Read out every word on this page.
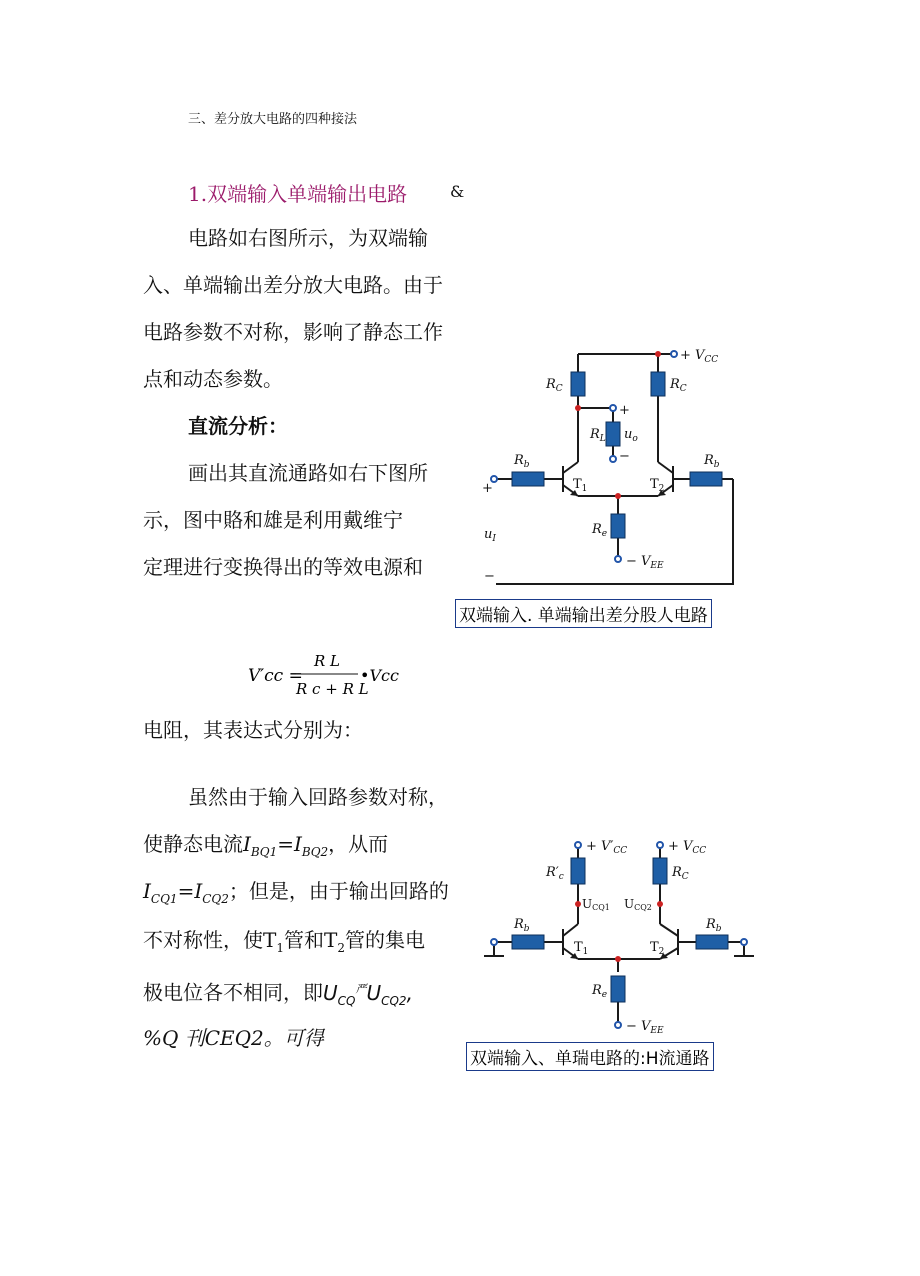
三、差分放大电路的四种接法
1.双端输入单端输出电路	&
电路如右图所示，为双端输
入、单端输出差分放大电路。由于
电路参数不对称，影响了静态工作
点和动态参数。
直流分析：
画出其直流通路如右下图所
示，图中賂和雄是利用戴维宁
定理进行变换得出的等效电源和
V′cc =
R L
R c + R L
•Vcc
电阻，其表达式分别为：
虽然由于输入回路参数对称，
使静态电流$I_{BQ1}=I_{BQ2}$，从而
$I_{CQ1}=I_{CQ2}$；但是，由于输出回路的
不对称性，使$T_1$管和$T_2$管的集电
极电位各不相同，即$U_{CQ}^严U_{CQ2}$,
%Q 刊CEQ2。可得
+ $V_{CC}$
$R_C$	$R_C$
$R_L$ $u_o$
$R_b$	$R_b$
$R_e$
− $V_{EE}$
$u_I$
$T_1$	$T_2$
+
−
+
−
双端输入. 单端输出差分股人电路
+ $V'_{CC}$	+ $V_{CC}$
$R'_c$	$R_C$
$R_b$	$R_b$
$R_e$
− $V_{EE}$
UCQ1 UCQ2
$T_1$	$T_2$
双端输入、单瑞电路的:H流通路
